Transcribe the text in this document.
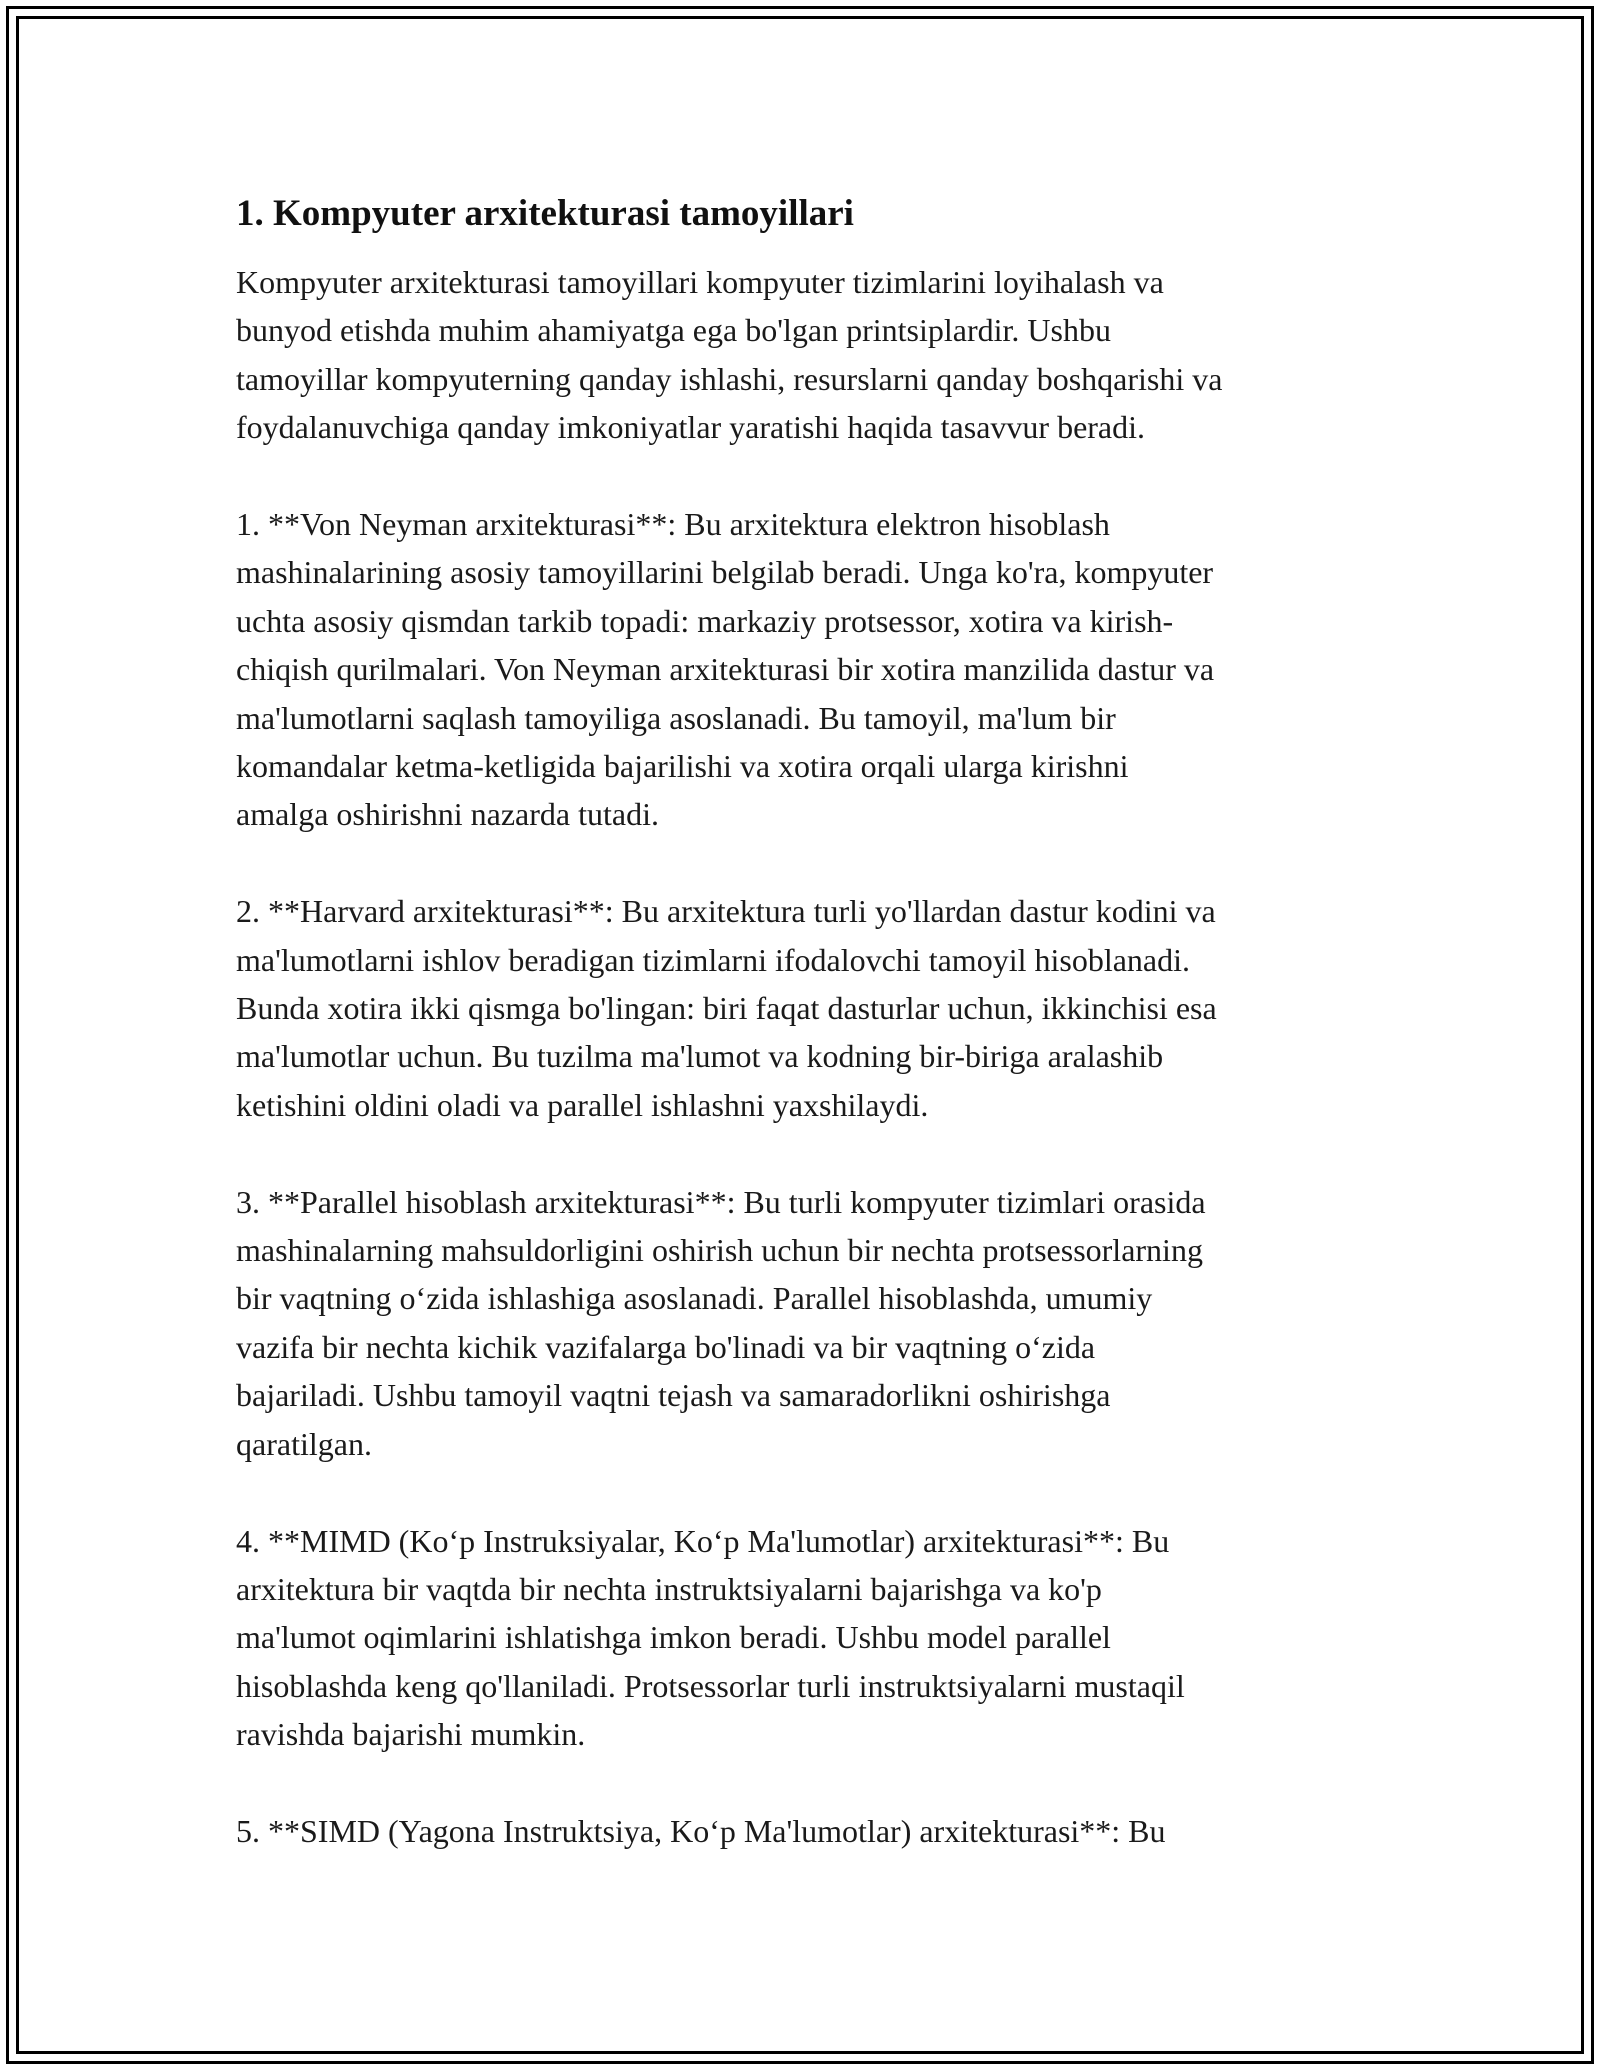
1. Kompyuter arxitekturasi tamoyillari

Kompyuter arxitekturasi tamoyillari kompyuter tizimlarini loyihalash va
bunyod etishda muhim ahamiyatga ega bo'lgan printsiplardir. Ushbu
tamoyillar kompyuterning qanday ishlashi, resurslarni qanday boshqarishi va
foydalanuvchiga qanday imkoniyatlar yaratishi haqida tasavvur beradi.

1. **Von Neyman arxitekturasi**: Bu arxitektura elektron hisoblash
mashinalarining asosiy tamoyillarini belgilab beradi. Unga ko'ra, kompyuter
uchta asosiy qismdan tarkib topadi: markaziy protsessor, xotira va kirish-
chiqish qurilmalari. Von Neyman arxitekturasi bir xotira manzilida dastur va
ma'lumotlarni saqlash tamoyiliga asoslanadi. Bu tamoyil, ma'lum bir
komandalar ketma-ketligida bajarilishi va xotira orqali ularga kirishni
amalga oshirishni nazarda tutadi.

2. **Harvard arxitekturasi**: Bu arxitektura turli yo'llardan dastur kodini va
ma'lumotlarni ishlov beradigan tizimlarni ifodalovchi tamoyil hisoblanadi.
Bunda xotira ikki qismga bo'lingan: biri faqat dasturlar uchun, ikkinchisi esa
ma'lumotlar uchun. Bu tuzilma ma'lumot va kodning bir-biriga aralashib
ketishini oldini oladi va parallel ishlashni yaxshilaydi.

3. **Parallel hisoblash arxitekturasi**: Bu turli kompyuter tizimlari orasida
mashinalarning mahsuldorligini oshirish uchun bir nechta protsessorlarning
bir vaqtning oʻzida ishlashiga asoslanadi. Parallel hisoblashda, umumiy
vazifa bir nechta kichik vazifalarga bo'linadi va bir vaqtning oʻzida
bajariladi. Ushbu tamoyil vaqtni tejash va samaradorlikni oshirishga
qaratilgan.

4. **MIMD (Koʻp Instruksiyalar, Koʻp Ma'lumotlar) arxitekturasi**: Bu
arxitektura bir vaqtda bir nechta instruktsiyalarni bajarishga va ko'p
ma'lumot oqimlarini ishlatishga imkon beradi. Ushbu model parallel
hisoblashda keng qo'llaniladi. Protsessorlar turli instruktsiyalarni mustaqil
ravishda bajarishi mumkin.

5. **SIMD (Yagona Instruktsiya, Koʻp Ma'lumotlar) arxitekturasi**: Bu
